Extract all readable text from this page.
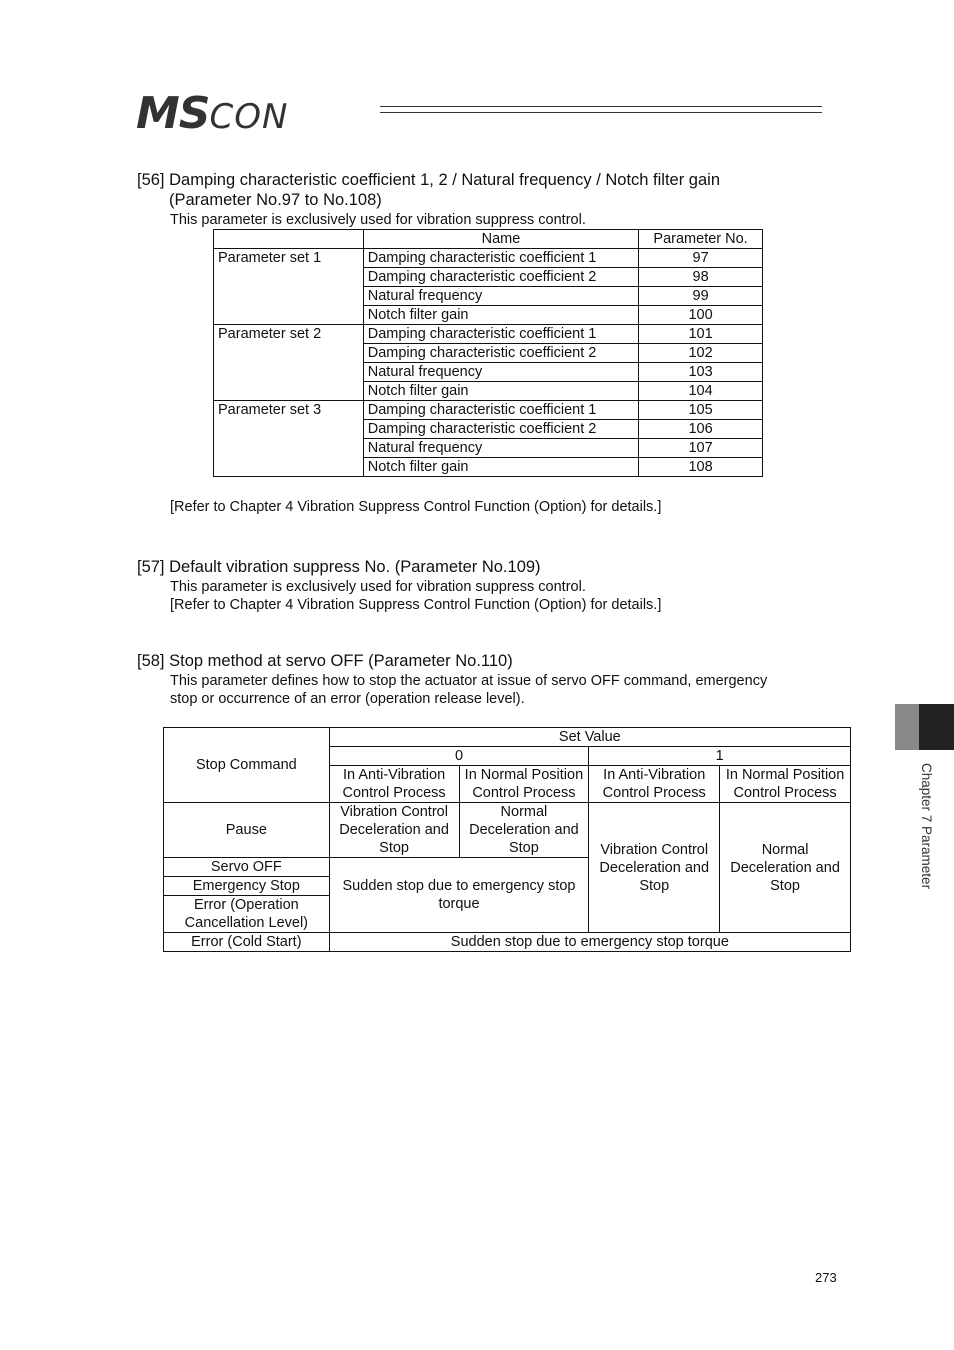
MSCON
[56] Damping characteristic coefficient 1, 2 / Natural frequency / Notch filter gain
(Parameter No.97 to No.108)
This parameter is exclusively used for vibration suppress control.
	Name	Parameter No.
Parameter set 1	Damping characteristic coefficient 1	97
	Damping characteristic coefficient 2	98
	Natural frequency	99
	Notch filter gain	100
Parameter set 2	Damping characteristic coefficient 1	101
	Damping characteristic coefficient 2	102
	Natural frequency	103
	Notch filter gain	104
Parameter set 3	Damping characteristic coefficient 1	105
	Damping characteristic coefficient 2	106
	Natural frequency	107
	Notch filter gain	108
[Refer to Chapter 4 Vibration Suppress Control Function (Option) for details.]
[57] Default vibration suppress No. (Parameter No.109)
This parameter is exclusively used for vibration suppress control.
[Refer to Chapter 4 Vibration Suppress Control Function (Option) for details.]
[58] Stop method at servo OFF (Parameter No.110)
This parameter defines how to stop the actuator at issue of servo OFF command, emergency
stop or occurrence of an error (operation release level).
Stop Command	Set Value			
	0		1	
	In Anti-Vibration Control Process	In Normal Position Control Process	In Anti-Vibration Control Process	In Normal Position Control Process
Pause	Vibration Control Deceleration and Stop	Normal Deceleration and Stop	Vibration Control Deceleration and Stop	Normal Deceleration and Stop
Servo OFF	Sudden stop due to emergency stop torque			
Emergency Stop				
Error (Operation Cancellation Level)				
Error (Cold Start)	Sudden stop due to emergency stop torque			
Chapter 7 Parameter
273
